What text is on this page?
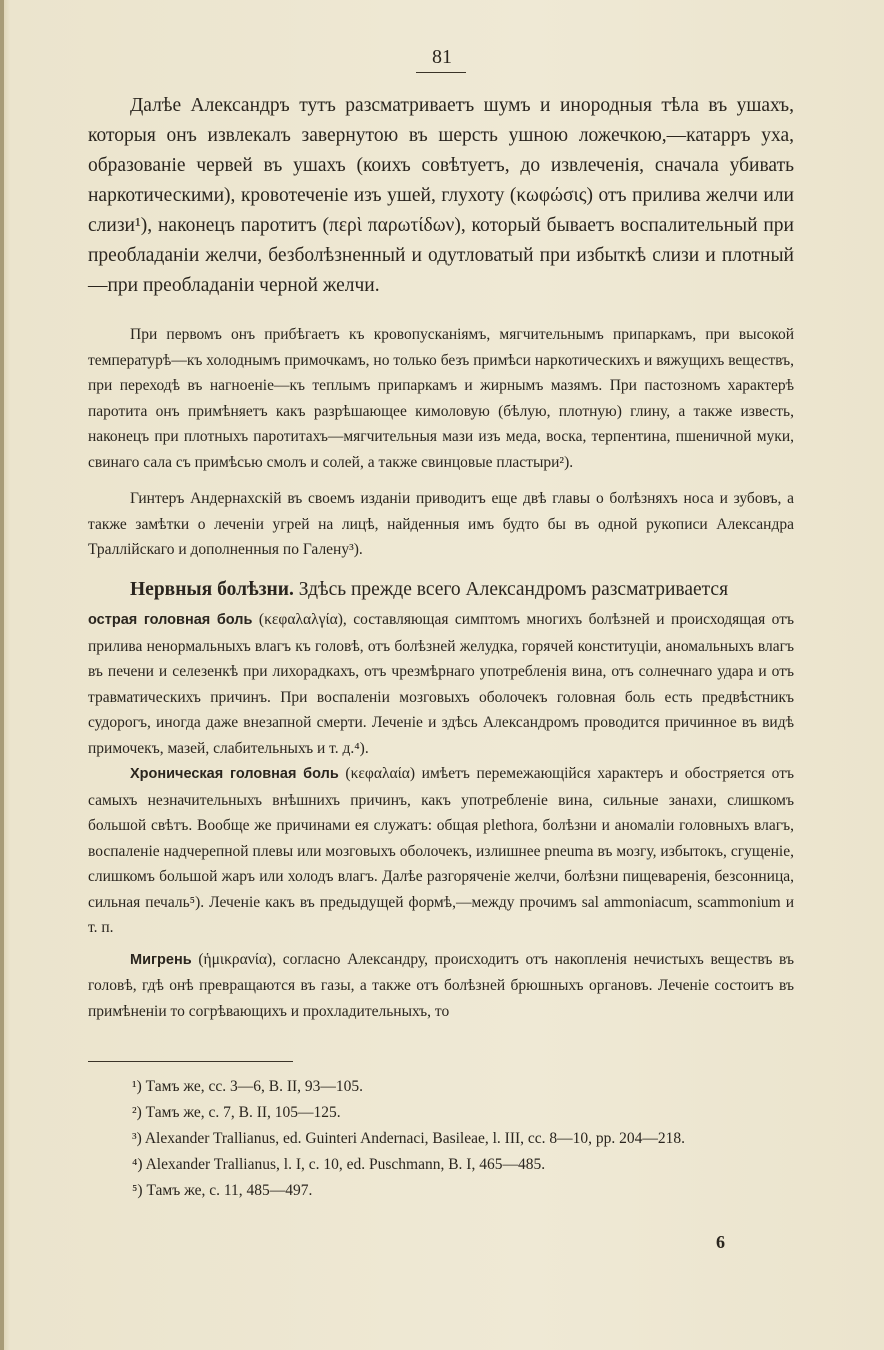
81

Далѣе Александръ тутъ разсматриваетъ шумъ и инородныя тѣла въ ушахъ, которыя онъ извлекалъ завернутою въ шерсть ушною ложечкою,—катарръ уха, образованіе червей въ ушахъ (коихъ совѣтуетъ, до извлеченія, сначала убивать наркотическими), кровотеченіе изъ ушей, глухоту (κωφώσις) отъ прилива желчи или слизи¹), наконецъ паротитъ (περὶ παρωτίδων), который бываетъ воспалительный при преобладаніи желчи, безболѣзненный и одутловатый при избыткѣ слизи и плотный—при преобладаніи черной желчи.

При первомъ онъ прибѣгаетъ къ кровопусканіямъ, мягчительнымъ припаркамъ, при высокой температурѣ—къ холоднымъ примочкамъ, но только безъ примѣси наркотическихъ и вяжущихъ веществъ, при переходѣ въ нагноеніе—къ теплымъ припаркамъ и жирнымъ мазямъ. При пастозномъ характерѣ паротита онъ примѣняетъ какъ разрѣшающее кимоловую (бѣлую, плотную) глину, а также известь, наконецъ при плотныхъ паротитахъ—мягчительныя мази изъ меда, воска, терпентина, пшеничной муки, свинаго сала съ примѣсью смолъ и солей, а также свинцовые пластыри²).

Гинтеръ Андернахскій въ своемъ изданіи приводитъ еще двѣ главы о болѣзняхъ носа и зубовъ, а также замѣтки о леченіи угрей на лицѣ, найденныя имъ будто бы въ одной рукописи Александра Траллійскаго и дополненныя по Галену³).

Нервныя болѣзни. Здѣсь прежде всего Александромъ разсматривается

острая головная боль (κεφαλαλγία), составляющая симптомъ многихъ болѣзней и происходящая отъ прилива ненормальныхъ влагъ къ головѣ, отъ болѣзней желудка, горячей конституціи, аномальныхъ влагъ въ печени и селезенкѣ при лихорадкахъ, отъ чрезмѣрнаго употребленія вина, отъ солнечнаго удара и отъ травматическихъ причинъ. При воспаленіи мозговыхъ оболочекъ головная боль есть предвѣстникъ судорогъ, иногда даже внезапной смерти. Леченіе и здѣсь Александромъ проводится причинное въ видѣ примочекъ, мазей, слабительныхъ и т. д.⁴).

Хроническая головная боль (κεφαλαία) имѣетъ перемежающійся характеръ и обостряется отъ самыхъ незначительныхъ внѣшнихъ причинъ, какъ употребленіе вина, сильные занахи, слишкомъ большой свѣтъ. Вообще же причинами ея служатъ: общая plethora, болѣзни и аномаліи головныхъ влагъ, воспаленіе надчерепной плевы или мозговыхъ оболочекъ, излишнее pneuma въ мозгу, избытокъ, сгущеніе, слишкомъ большой жаръ или холодъ влагъ. Далѣе разгоряченіе желчи, болѣзни пищеваренія, безсонница, сильная печаль⁵). Леченіе какъ въ предыдущей формѣ,—между прочимъ sal ammoniacum, scammonium и т. п.

Мигрень (ἡμικρανία), согласно Александру, происходитъ отъ накопленія нечистыхъ веществъ въ головѣ, гдѣ онѣ превращаются въ газы, а также отъ болѣзней брюшныхъ органовъ. Леченіе состоитъ въ примѣненіи то согрѣвающихъ и прохладительныхъ, то

¹) Тамъ же, сс. 3—6, B. II, 93—105.

²) Тамъ же, с. 7, B. II, 105—125.

³) Alexander Trallianus, ed. Guinteri Andernaci, Basileae, l. III, cc. 8—10, pp. 204—218.

⁴) Alexander Trallianus, l. I, c. 10, ed. Puschmann, B. I, 465—485.

⁵) Тамъ же, с. 11, 485—497.

6
